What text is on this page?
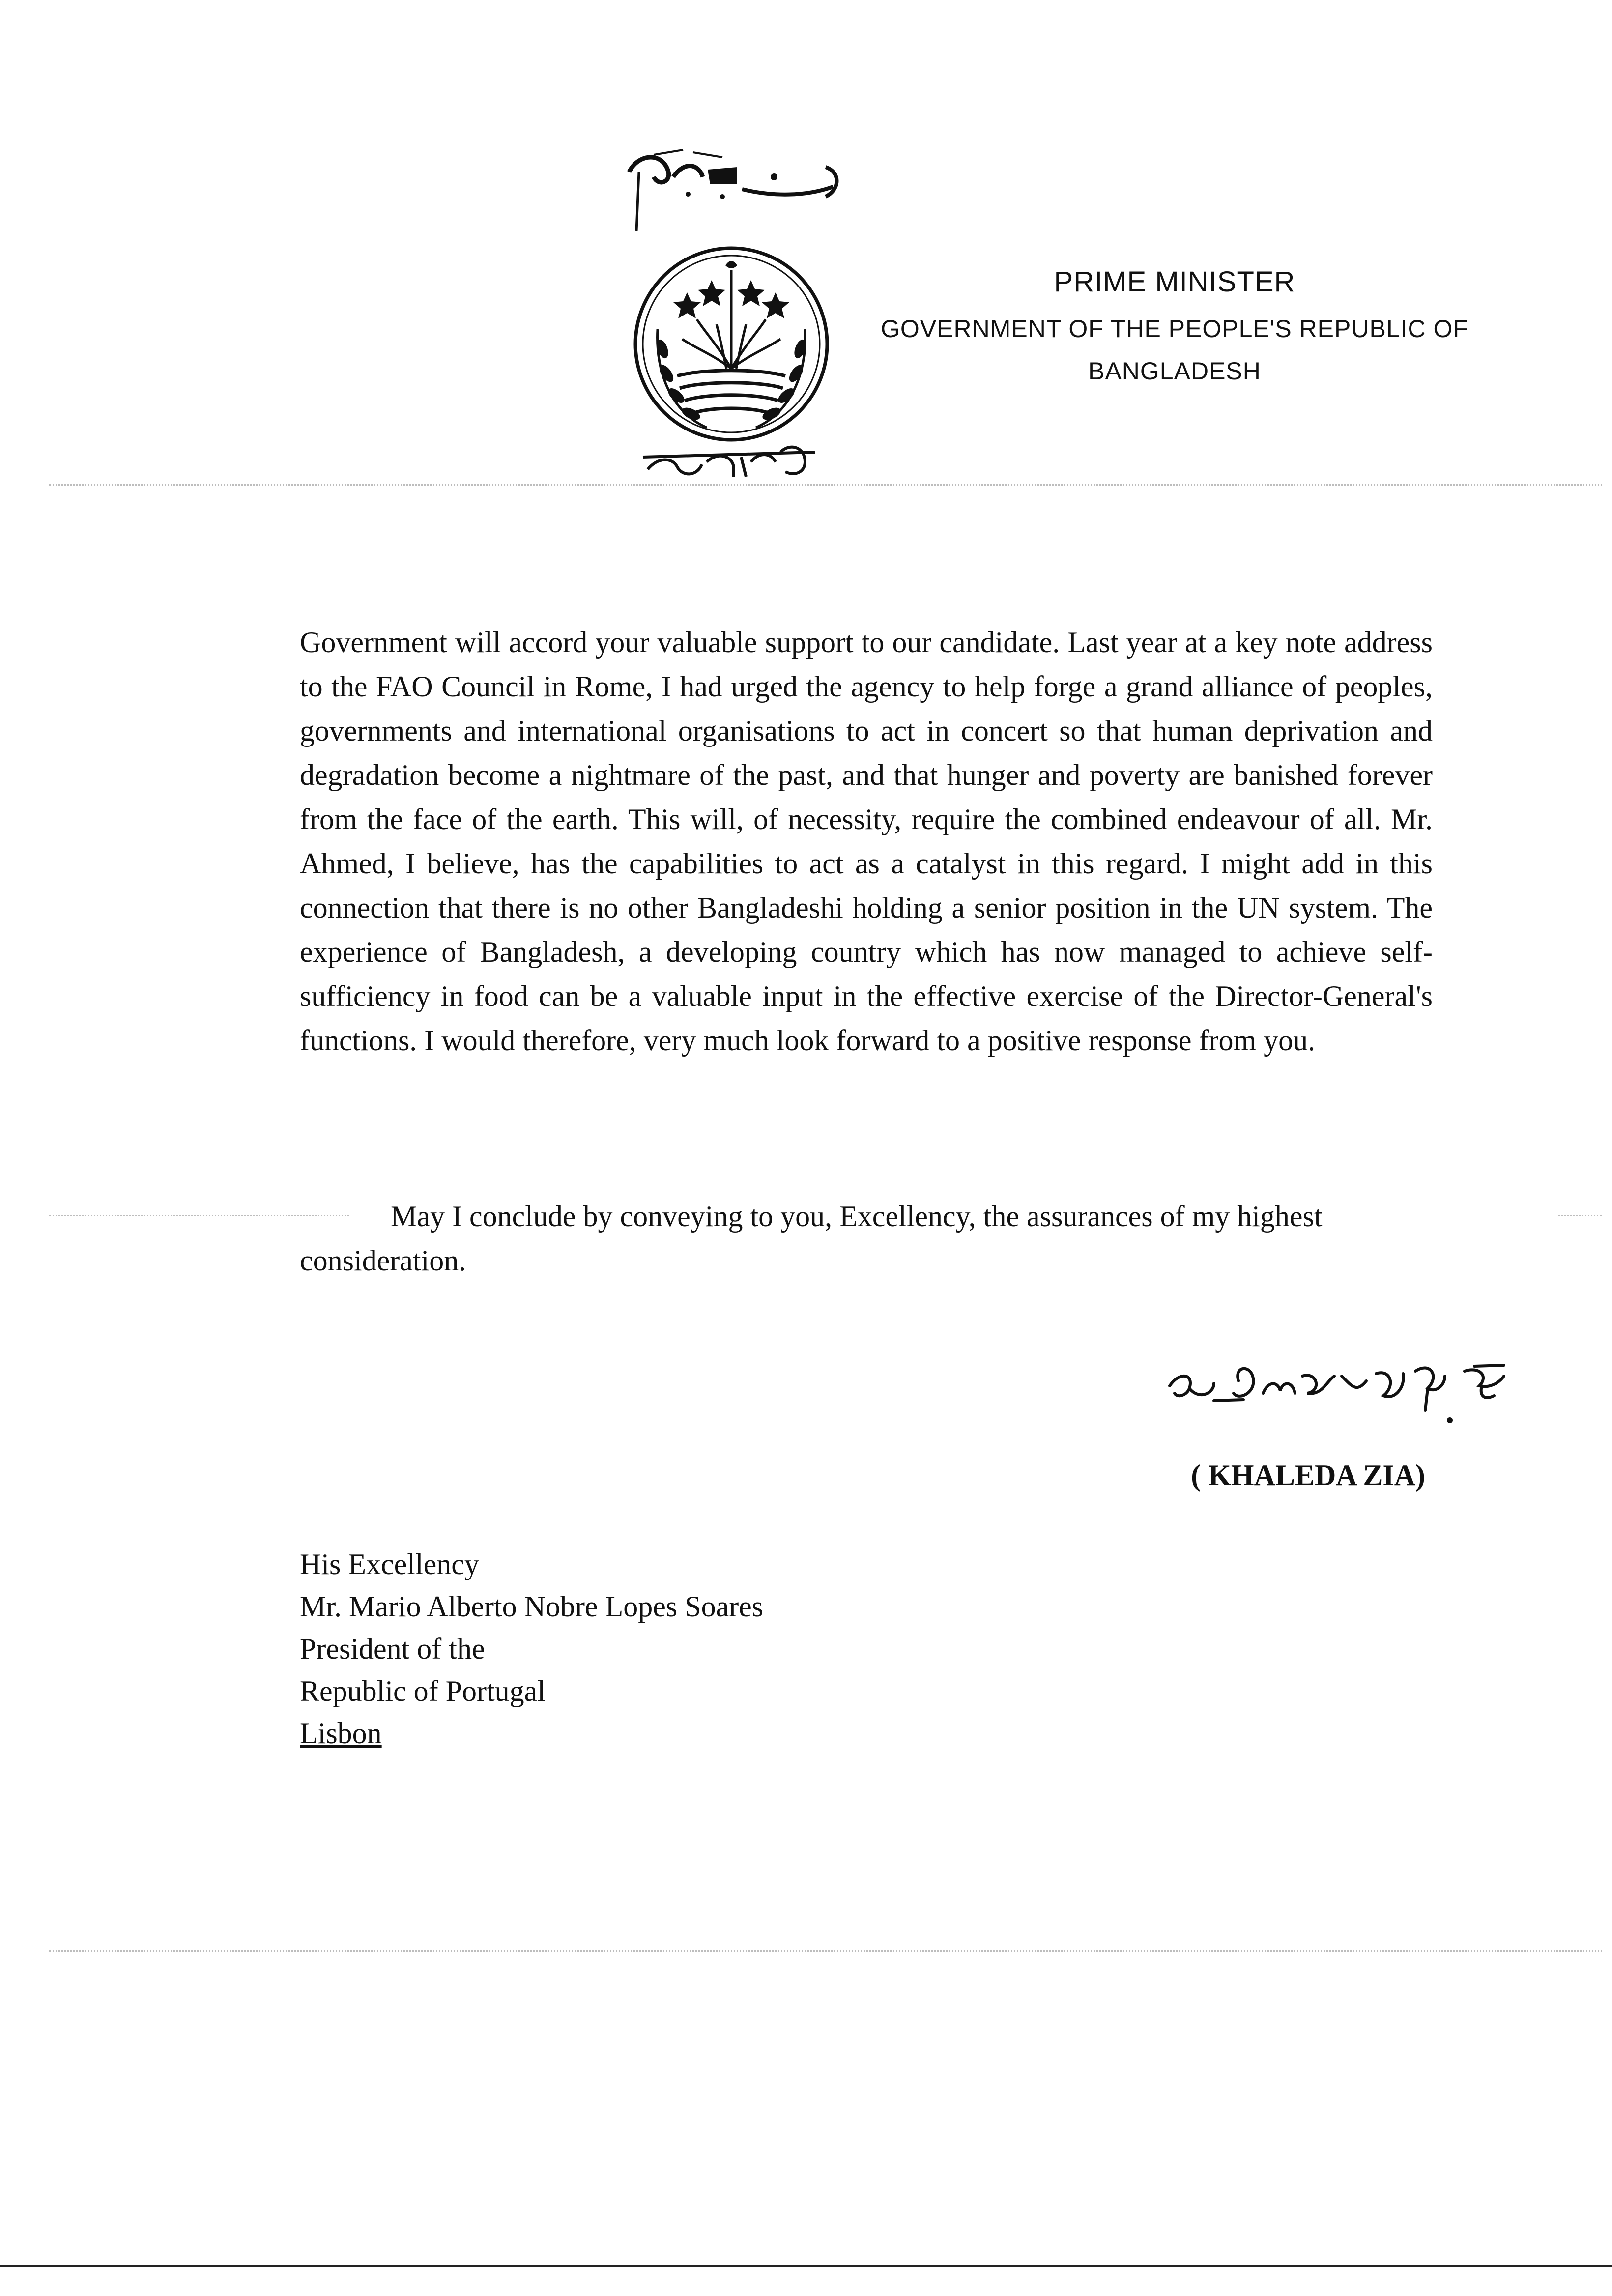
PRIME MINISTER
GOVERNMENT OF THE PEOPLE'S REPUBLIC OF
BANGLADESH

Government will accord your valuable support to our candidate. Last year at a key note address to the FAO Council in Rome, I had urged the agency to help forge a grand alliance of peoples, governments and international organisations to act in concert so that human deprivation and degradation become a nightmare of the past, and that hunger and poverty are banished forever from the face of the earth. This will, of necessity, require the combined endeavour of all. Mr. Ahmed, I believe, has the capabilities to act as a catalyst in this regard. I might add in this connection that there is no other Bangladeshi holding a senior position in the UN system. The experience of Bangladesh, a developing country which has now managed to achieve self-sufficiency in food can be a valuable input in the effective exercise of the Director-General's functions. I would therefore, very much look forward to a positive response from you.

May I conclude by conveying to you, Excellency, the assurances of my highest consideration.

( KHALEDA ZIA)
His Excellency
Mr. Mario Alberto Nobre Lopes Soares
President of the
Republic of Portugal
Lisbon
